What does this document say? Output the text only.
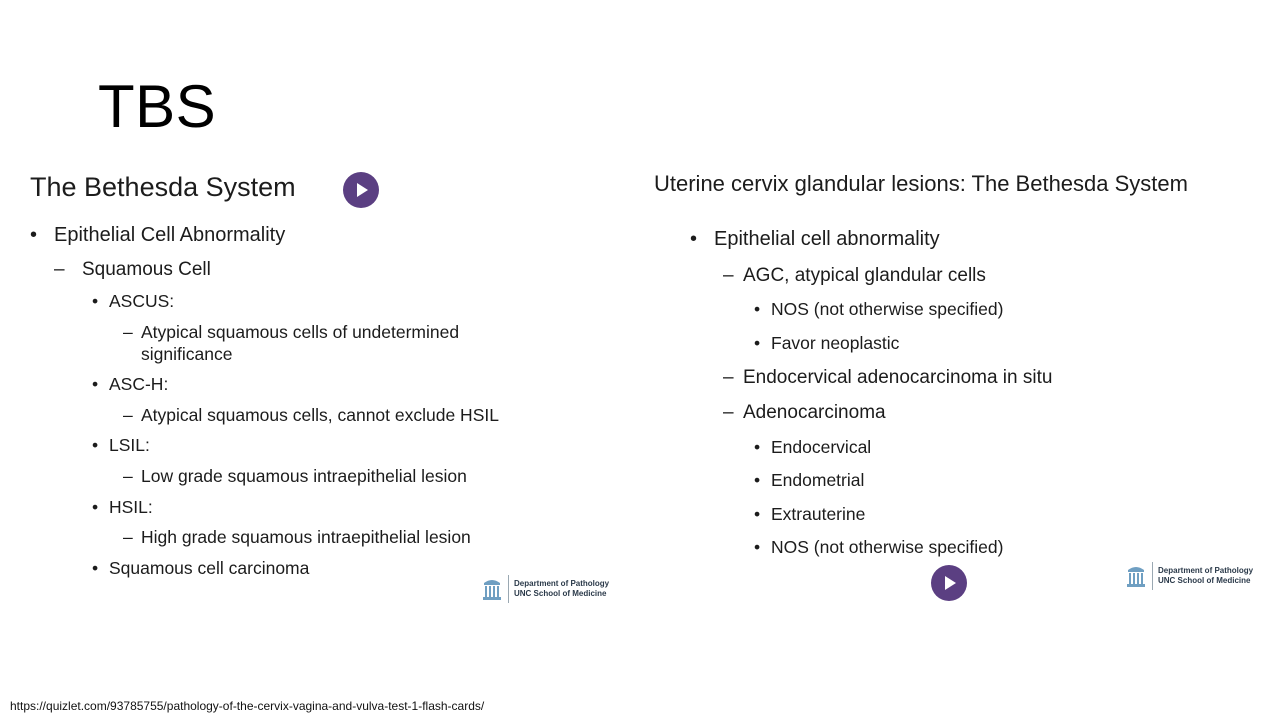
TBS
The Bethesda System
• Epithelial Cell Abnormality
– Squamous Cell
• ASCUS:
– Atypical squamous cells of undetermined
significance
• ASC-H:
– Atypical squamous cells, cannot exclude HSIL
• LSIL:
– Low grade squamous intraepithelial lesion
• HSIL:
– High grade squamous intraepithelial lesion
• Squamous cell carcinoma
Department of Pathology
UNC School of Medicine
Uterine cervix glandular lesions: The Bethesda System
• Epithelial cell abnormality
– AGC, atypical glandular cells
• NOS (not otherwise specified)
• Favor neoplastic
– Endocervical adenocarcinoma in situ
– Adenocarcinoma
• Endocervical
• Endometrial
• Extrauterine
• NOS (not otherwise specified)
Department of Pathology
UNC School of Medicine
https://quizlet.com/93785755/pathology-of-the-cervix-vagina-and-vulva-test-1-flash-cards/
